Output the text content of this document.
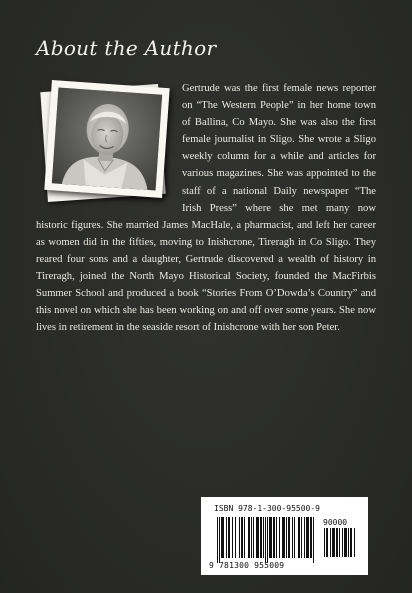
About the Author

Gertrude was the first female news reporter on “The Western People” in her home town of Ballina, Co Mayo. She was also the first female journalist in Sligo. She wrote a Sligo weekly column for a while and articles for various magazines. She was appointed to the staff of a national Daily newspaper “The Irish Press” where she met many now historic figures. She married James MacHale, a pharmacist, and left her career as women did in the fifties, moving to Inishcrone, Tireragh in Co Sligo. They reared four sons and a daughter, Gertrude discovered a wealth of history in Tireragh, joined the North Mayo Historical Society, founded the MacFirbis Summer School and produced a book “Stories From O’Dowda’s Country” and this novel on which she has been working on and off over some years. She now lives in retirement in the seaside resort of Inishcrone with her son Peter.

ISBN 978-1-300-95500-9

90000

9 781300 955009
